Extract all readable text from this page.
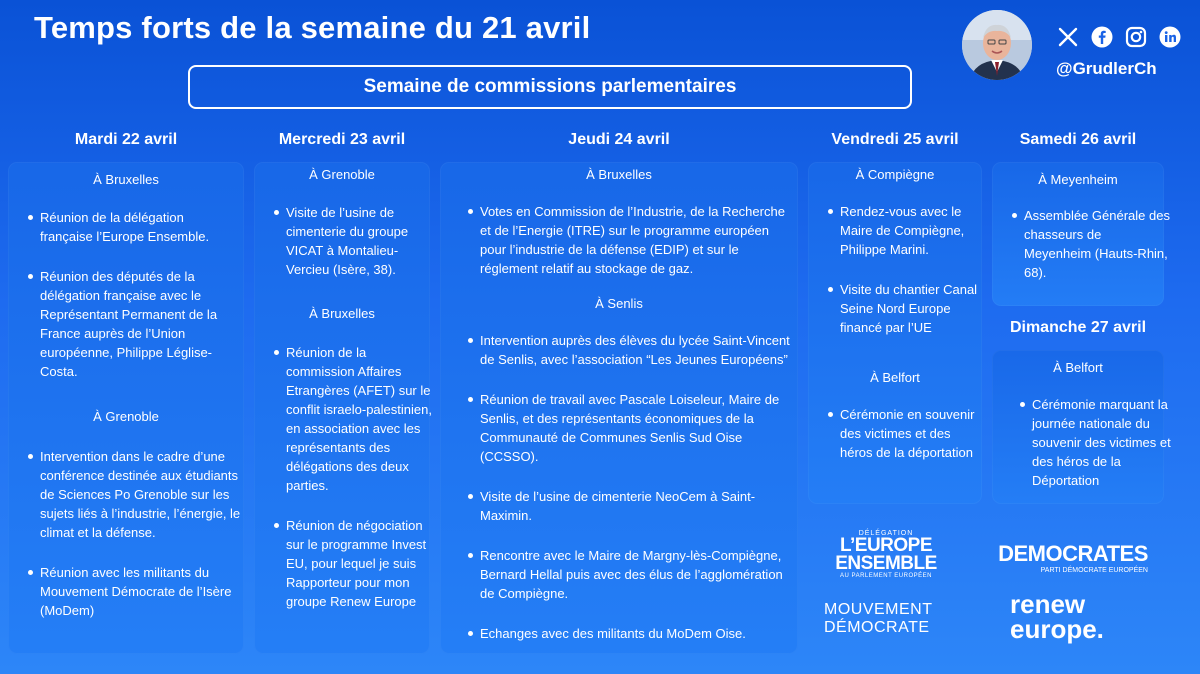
Temps forts de la semaine du 21 avril
Semaine de commissions parlementaires
@GrudlerCh
Mardi 22 avril	Mercredi 23 avril	Jeudi 24 avril	Vendredi 25 avril	Samedi 26 avril
Dimanche 27 avril
À Bruxelles
Réunion de la délégation française l’Europe Ensemble.
Réunion des députés de la délégation française avec le Représentant Permanent de la France auprès de l’Union européenne, Philippe Léglise-Costa.
À Grenoble
Intervention dans le cadre d’une conférence destinée aux étudiants de Sciences Po Grenoble sur les sujets liés à l’industrie, l’énergie, le climat et la défense.
Réunion avec les militants du Mouvement Démocrate de l’Isère (MoDem)
À Grenoble
Visite de l’usine de cimenterie du groupe VICAT à Montalieu-Vercieu (Isère, 38).
À Bruxelles
Réunion de la commission Affaires Etrangères (AFET) sur le conflit israelo-palestinien, en association avec les représentants des délégations des deux parties.
Réunion de négociation sur le programme Invest EU, pour lequel je suis Rapporteur pour mon groupe Renew Europe
À Bruxelles
Votes en Commission de l’Industrie, de la Recherche et de l’Energie (ITRE) sur le programme européen pour l’industrie de la défense (EDIP) et sur le réglement relatif au stockage de gaz.
À Senlis
Intervention auprès des élèves du lycée Saint-Vincent de Senlis, avec l’association “Les Jeunes Européens”
Réunion de travail avec Pascale Loiseleur, Maire de Senlis, et des représentants économiques de la Communauté de Communes Senlis Sud Oise (CCSSO).
Visite de l’usine de cimenterie NeoCem à Saint-Maximin.
Rencontre avec le Maire de Margny-lès-Compiègne, Bernard Hellal puis avec des élus de l’agglomération de Compiègne.
Echanges avec des militants du MoDem Oise.
À Compiègne
Rendez-vous avec le Maire de Compiègne, Philippe Marini.
Visite du chantier Canal Seine Nord Europe financé par l’UE
À Belfort
Cérémonie en souvenir des victimes et des héros de la déportation
À Meyenheim
Assemblée Générale des chasseurs de Meyenheim (Hauts-Rhin, 68).
À Belfort
Cérémonie marquant la journée nationale du souvenir des victimes et des héros de la Déportation
DÉLÉGATION
L’EUROPE
ENSEMBLE
AU PARLEMENT EUROPÉEN
DEMOCRATES
PARTI DÉMOCRATE EUROPÉEN
MOUVEMENT
DÉMOCRATE
renew
europe.
